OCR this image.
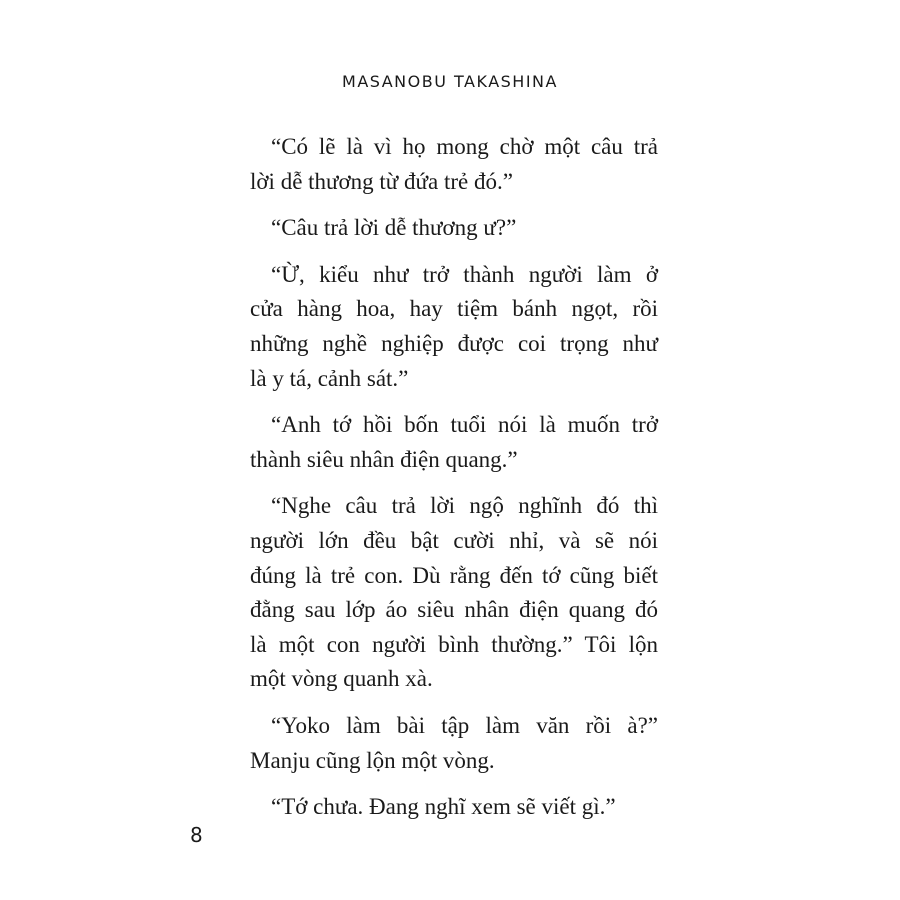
MASANOBU TAKASHINA
“Có lẽ là vì họ mong chờ một câu trả
lời dễ thương từ đứa trẻ đó.”
“Câu trả lời dễ thương ư?”
“Ừ, kiểu như trở thành người làm ở
cửa hàng hoa, hay tiệm bánh ngọt, rồi
những nghề nghiệp được coi trọng như
là y tá, cảnh sát.”
“Anh tớ hồi bốn tuổi nói là muốn trở
thành siêu nhân điện quang.”
“Nghe câu trả lời ngộ nghĩnh đó thì
người lớn đều bật cười nhỉ, và sẽ nói
đúng là trẻ con. Dù rằng đến tớ cũng biết
đằng sau lớp áo siêu nhân điện quang đó
là một con người bình thường.” Tôi lộn
một vòng quanh xà.
“Yoko làm bài tập làm văn rồi à?”
Manju cũng lộn một vòng.
“Tớ chưa. Đang nghĩ xem sẽ viết gì.”
8
